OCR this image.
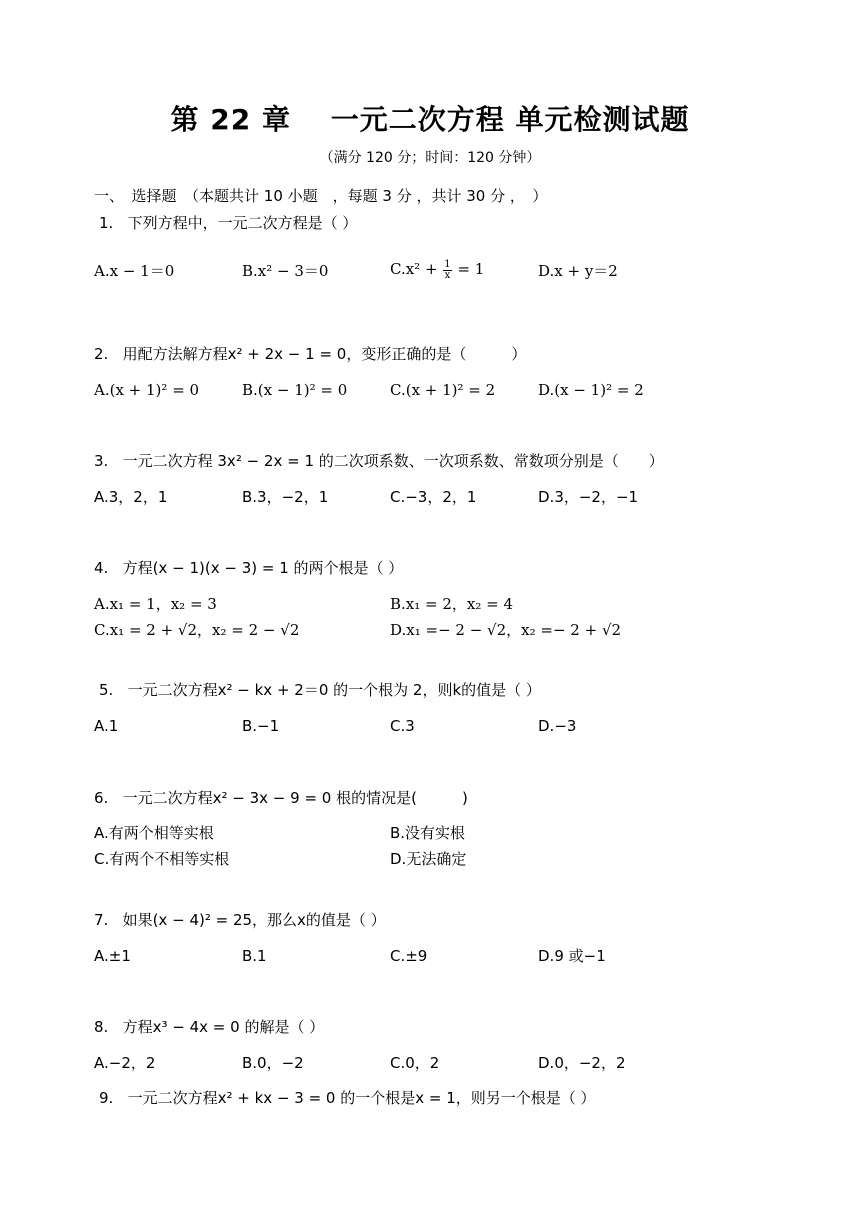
第 22 章　 一元二次方程 单元检测试题
（满分 120 分；时间：120 分钟）
一、　选择题　（本题共计 10 小题　，每题 3 分 ，共计 30 分 ，　）
1. 下列方程中，一元二次方程是（ ）
A.x − 1＝0	B.x² − 3＝0	$C.x^2 + \frac{1}{x} = 1$	D.x + y＝2
2. 用配方法解方程x² + 2x − 1 = 0，变形正确的是（　　　）
A.(x + 1)² = 0	B.(x − 1)² = 0	C.(x + 1)² = 2	D.(x − 1)² = 2
3. 一元二次方程 3x² − 2x = 1 的二次项系数、一次项系数、常数项分别是（　　）
A.3，2，1	B.3，−2，1	C.−3，2，1	D.3，−2，−1
4. 方程(x − 1)(x − 3) = 1 的两个根是（ ）
A.x₁ = 1，x₂ = 3	B.x₁ = 2，x₂ = 4
C.x₁ = 2 + √2，x₂ = 2 − √2	D.x₁ =− 2 − √2，x₂ =− 2 + √2
5. 一元二次方程x² − kx + 2＝0 的一个根为 2，则k的值是（ ）
A.1	B.−1	C.3	D.−3
6. 一元二次方程x² − 3x − 9 = 0 根的情况是(　　　)
A.有两个相等实根	B.没有实根
C.有两个不相等实根	D.无法确定
7. 如果(x − 4)² = 25，那么x的值是（ ）
A.±1	B.1	C.±9	D.9 或−1
8. 方程x³ − 4x = 0 的解是（ ）
A.−2，2	B.0，−2	C.0，2	D.0，−2，2
9. 一元二次方程x² + kx − 3 = 0 的一个根是x = 1，则另一个根是（ ）
